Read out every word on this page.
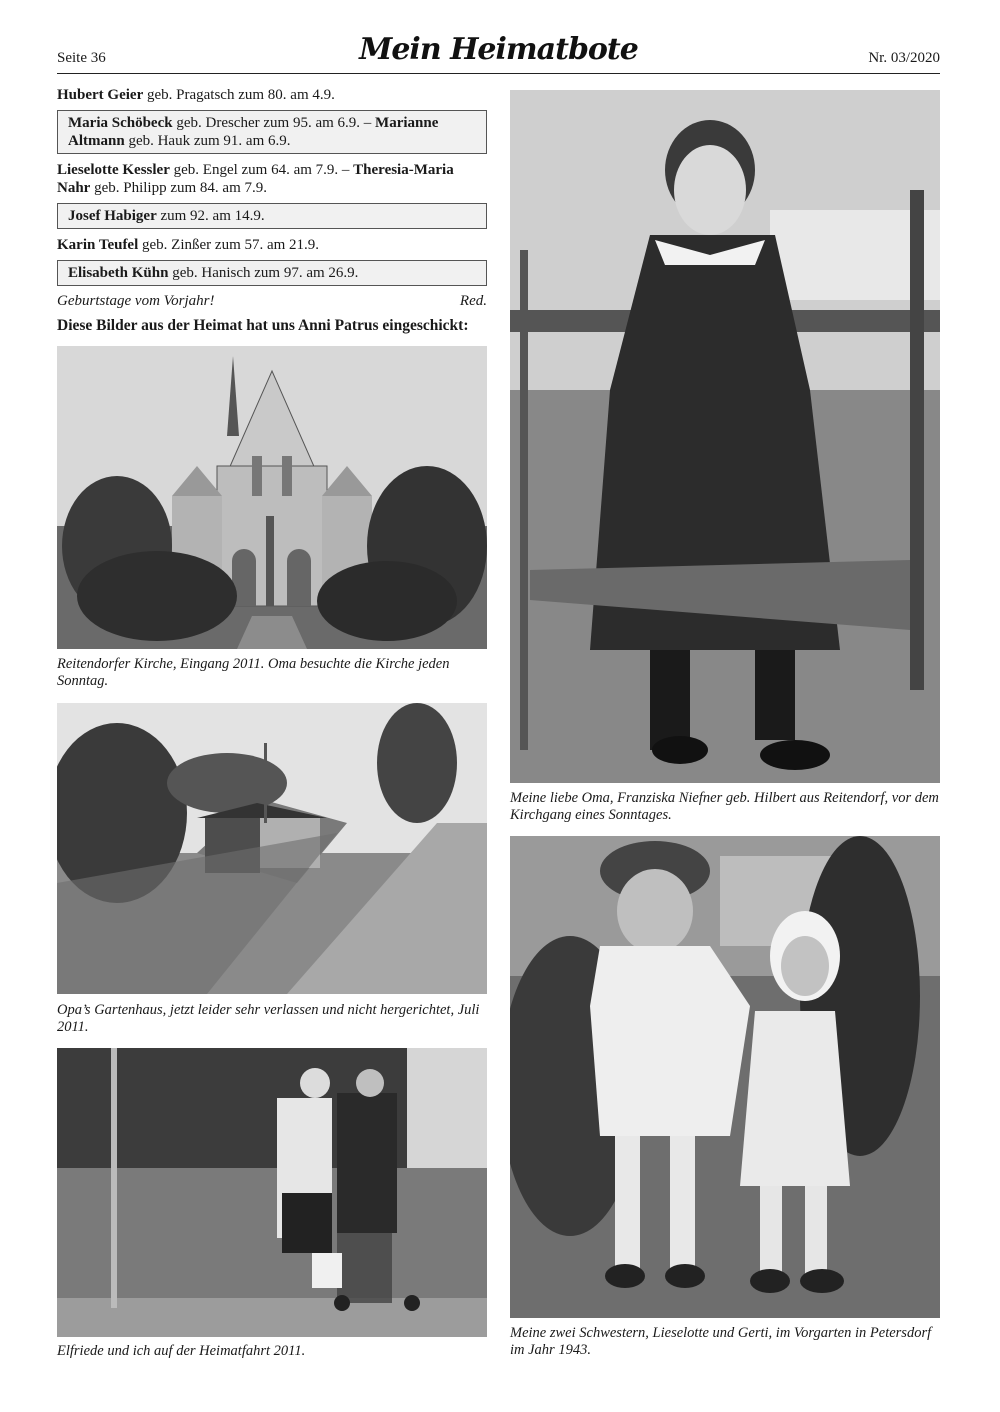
Seite 36	Mein Heimatbote	Nr. 03/2020
Hubert Geier geb. Pragatsch zum 80. am 4.9.
Maria Schöbeck geb. Drescher zum 95. am 6.9. – Marianne Altmann geb. Hauk zum 91. am 6.9.
Lieselotte Kessler geb. Engel zum 64. am 7.9. – Theresia-Maria Nahr geb. Philipp zum 84. am 7.9.
Josef Habiger zum 92. am 14.9.
Karin Teufel geb. Zinßer zum 57. am 21.9.
Elisabeth Kühn geb. Hanisch zum 97. am 26.9.
Geburtstage vom Vorjahr!	Red.
Diese Bilder aus der Heimat hat uns Anni Patrus eingeschickt:
Reitendorfer Kirche, Eingang 2011. Oma besuchte die Kirche jeden Sonntag.
Opa’s Gartenhaus, jetzt leider sehr verlassen und nicht hergerichtet, Juli 2011.
Elfriede und ich auf der Heimatfahrt 2011.
Meine liebe Oma, Franziska Niefner geb. Hilbert aus Reitendorf, vor dem Kirchgang eines Sonntages.
Meine zwei Schwestern, Lieselotte und Gerti, im Vorgarten in Petersdorf im Jahr 1943.
